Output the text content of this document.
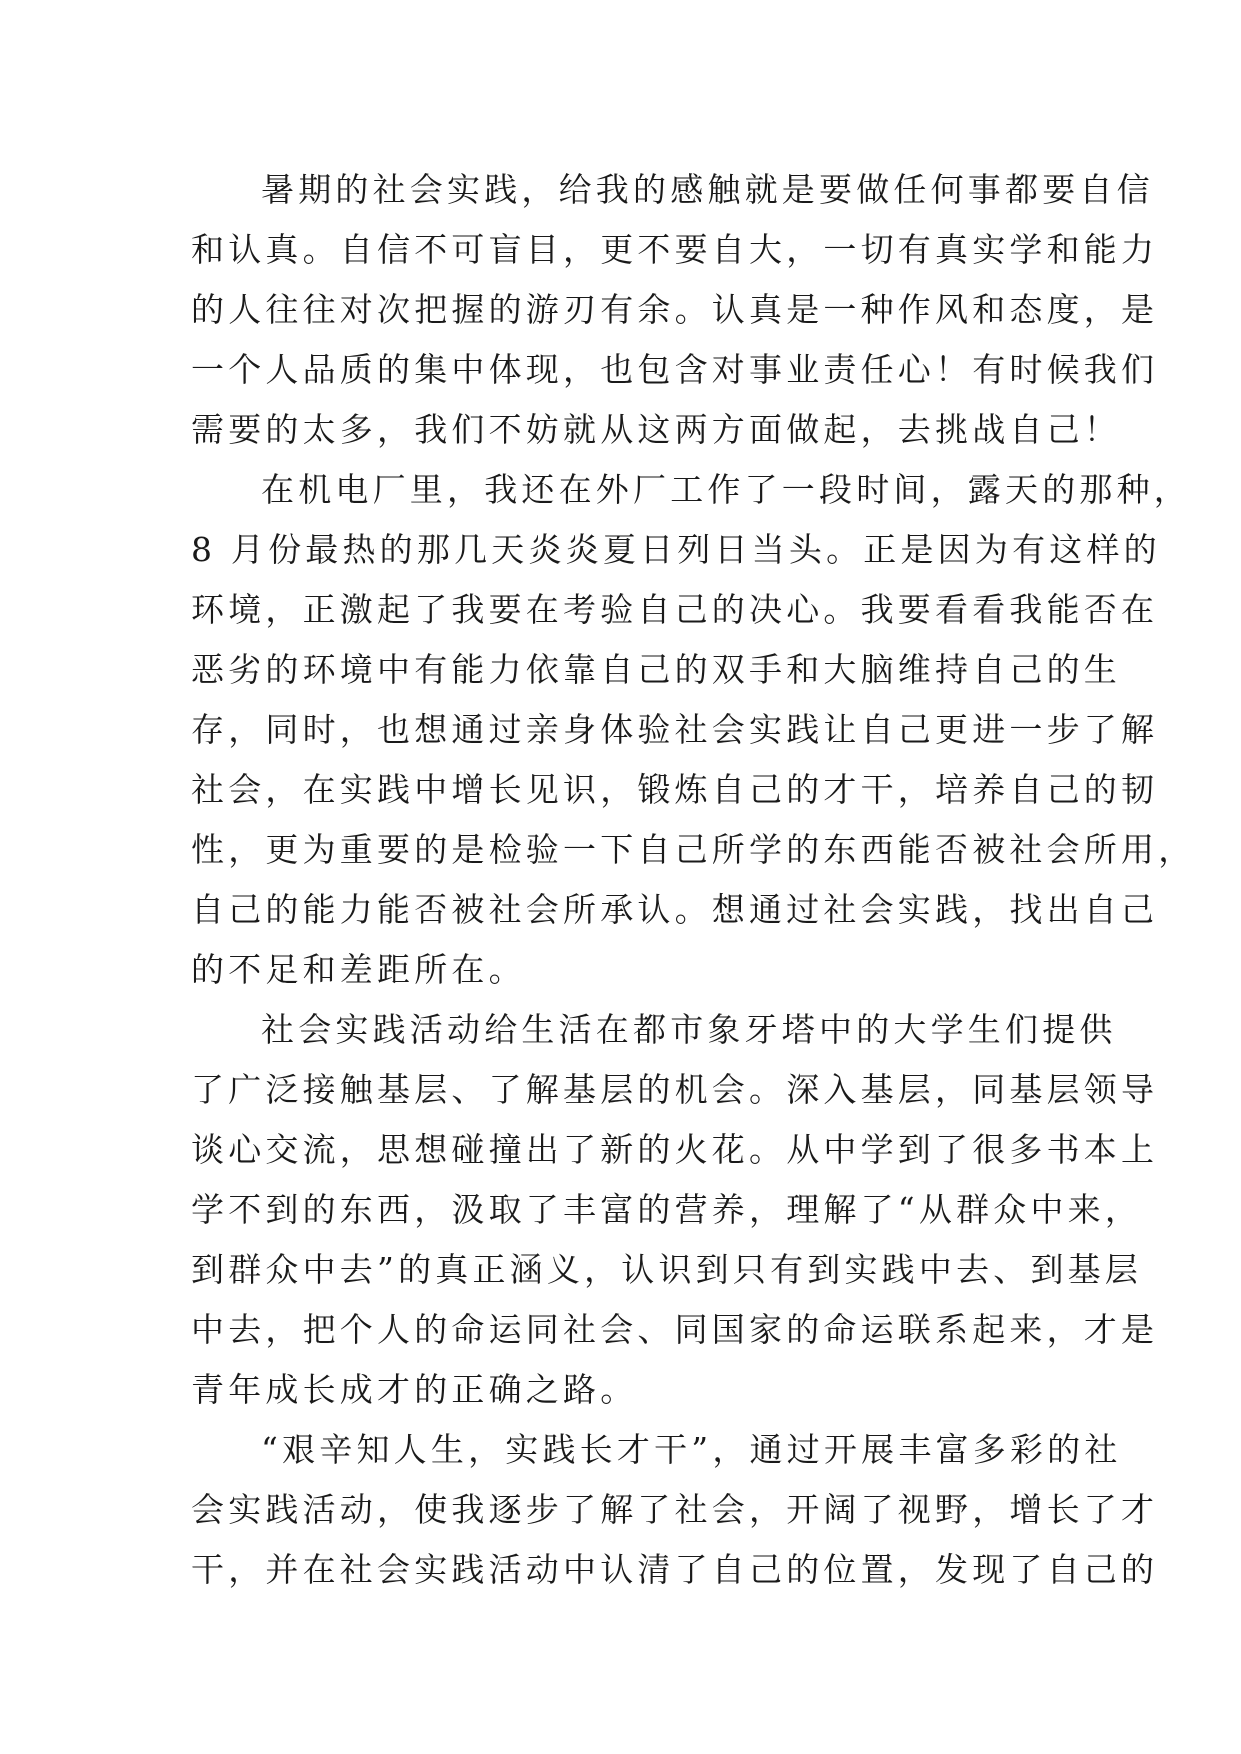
暑期的社会实践，给我的感触就是要做任何事都要自信
和认真。自信不可盲目，更不要自大，一切有真实学和能力
的人往往对次把握的游刃有余。认真是一种作风和态度，是
一个人品质的集中体现，也包含对事业责任心！有时候我们
需要的太多，我们不妨就从这两方面做起，去挑战自己！
在机电厂里，我还在外厂工作了一段时间，露天的那种，
8 月份最热的那几天炎炎夏日列日当头。正是因为有这样的
环境，正激起了我要在考验自己的决心。我要看看我能否在
恶劣的环境中有能力依靠自己的双手和大脑维持自己的生
存，同时，也想通过亲身体验社会实践让自己更进一步了解
社会，在实践中增长见识，锻炼自己的才干，培养自己的韧
性，更为重要的是检验一下自己所学的东西能否被社会所用，
自己的能力能否被社会所承认。想通过社会实践，找出自己
的不足和差距所在。
社会实践活动给生活在都市象牙塔中的大学生们提供
了广泛接触基层、了解基层的机会。深入基层，同基层领导
谈心交流，思想碰撞出了新的火花。从中学到了很多书本上
学不到的东西，汲取了丰富的营养，理解了“从群众中来，
到群众中去”的真正涵义，认识到只有到实践中去、到基层
中去，把个人的命运同社会、同国家的命运联系起来，才是
青年成长成才的正确之路。
“艰辛知人生，实践长才干”，通过开展丰富多彩的社
会实践活动，使我逐步了解了社会，开阔了视野，增长了才
干，并在社会实践活动中认清了自己的位置，发现了自己的
